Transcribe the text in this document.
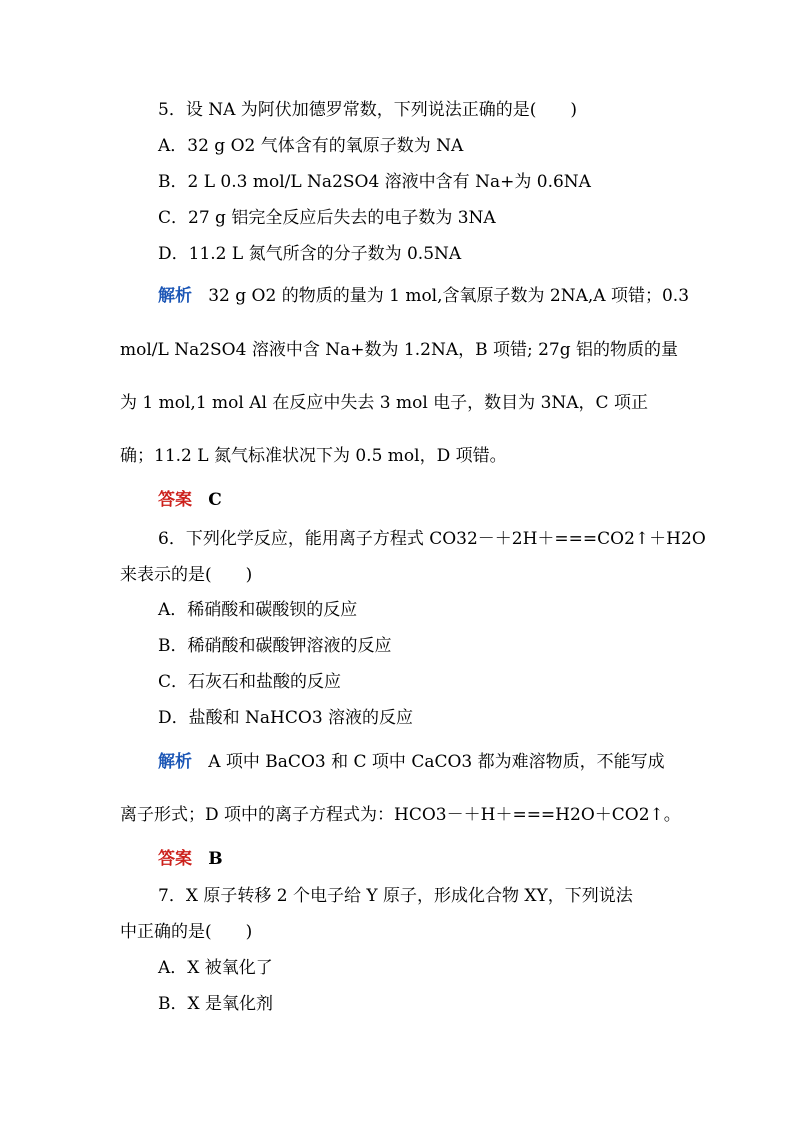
5．设 NA 为阿伏加德罗常数，下列说法正确的是(　　)
A．32 g O2 气体含有的氧原子数为 NA
B．2 L 0.3 mol/L Na2SO4 溶液中含有 Na+为 0.6NA
C．27 g 铝完全反应后失去的电子数为 3NA
D．11.2 L 氮气所含的分子数为 0.5NA
解析 32 g O2 的物质的量为 1 mol,含氧原子数为 2NA,A 项错；0.3
mol/L Na2SO4 溶液中含 Na+数为 1.2NA，B 项错; 27g 铝的物质的量
为 1 mol,1 mol Al 在反应中失去 3 mol 电子，数目为 3NA，C 项正
确；11.2 L 氮气标准状况下为 0.5 mol，D 项错。
答案 C
6．下列化学反应，能用离子方程式 CO32－＋2H＋===CO2↑＋H2O
来表示的是(　　)
A．稀硝酸和碳酸钡的反应
B．稀硝酸和碳酸钾溶液的反应
C．石灰石和盐酸的反应
D．盐酸和 NaHCO3 溶液的反应
解析 A 项中 BaCO3 和 C 项中 CaCO3 都为难溶物质，不能写成
离子形式；D 项中的离子方程式为：HCO3－＋H＋===H2O＋CO2↑。
答案 B
7．X 原子转移 2 个电子给 Y 原子，形成化合物 XY，下列说法
中正确的是(　　)
A．X 被氧化了
B．X 是氧化剂
